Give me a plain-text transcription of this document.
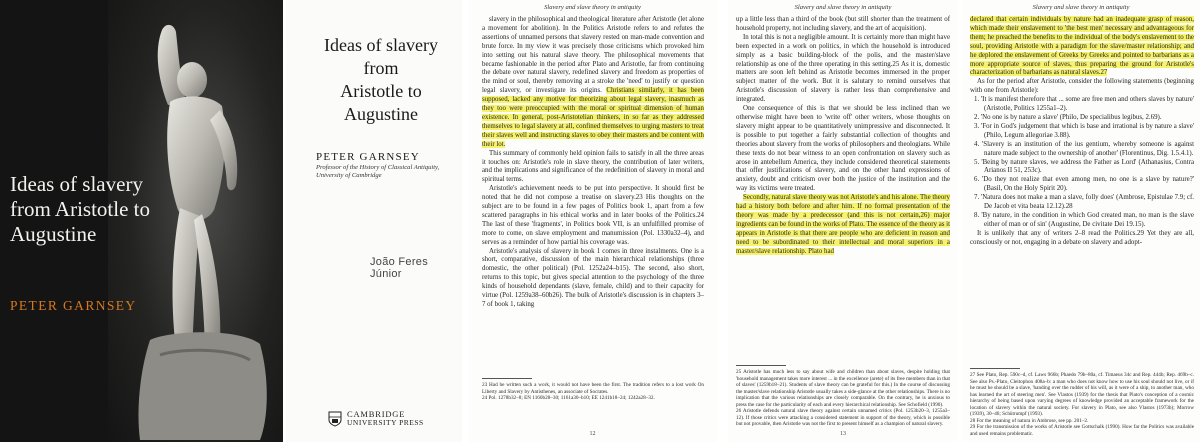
Ideas of slavery from Aristotle to Augustine
PETER GARNSEY
Ideas of slavery
from
Aristotle to Augustine
PETER GARNSEY
Professor of the History of Classical Antiquity, University of Cambridge
João Feres Júnior
CAMBRIDGE
UNIVERSITY PRESS
Slavery and slave theory in antiquity

slavery in the philosophical and theological literature after Aristotle (let alone a movement for abolition). In the Politics Aristotle refers to and refutes the assertions of unnamed persons that slavery rested on man-made convention and brute force. In my view it was precisely those criticisms which provoked him into setting out his natural slave theory. The philosophical movements that became fashionable in the period after Plato and Aristotle, far from continuing the debate over natural slavery, redefined slavery and freedom as properties of the mind or soul, thereby removing at a stroke the 'need' to justify or question legal slavery, or investigate its origins. Christians similarly, it has been supposed, lacked any motive for theorizing about legal slavery, inasmuch as they too were preoccupied with the moral or spiritual dimension of human existence. In general, post-Aristotelian thinkers, in so far as they addressed themselves to legal slavery at all, confined themselves to urging masters to treat their slaves well and instructing slaves to obey their masters and be content with their lot.

This summary of commonly held opinion fails to satisfy in all the three areas it touches on: Aristotle's role in slave theory, the contribution of later writers, and the implications and significance of the redefinition of slavery in moral and spiritual terms.

Aristotle's achievement needs to be put into perspective. It should first be noted that he did not compose a treatise on slavery.23 His thoughts on the subject are to be found in a few pages of Politics book 1, apart from a few scattered paragraphs in his ethical works and in later books of the Politics.24 The last of these 'fragments', in Politics book VII, is an unfulfilled promise of more to come, on slave employment and manumission (Pol. 1330a32–4), and serves as a reminder of how partial his coverage was.

Aristotle's analysis of slavery in book 1 comes in three instalments. One is a short, comparative, discussion of the main hierarchical relationships (three domestic, the other political) (Pol. 1252a24–b15). The second, also short, returns to this topic, but gives special attention to the psychology of the three kinds of household dependants (slave, female, child) and to their capacity for virtue (Pol. 1259a38–60b26). The bulk of Aristotle's discussion is in chapters 3–7 of book 1, taking

23 Had he written such a work, it would not have been the first. The tradition refers to a lost work On Liberty and Slavery by Antisthenes, an associate of Socrates.

24 Pol. 1278b32–8; EN 1160b28–30; 1161a30–b10; EE 1241b18–24; 1242a28–32.

12
Slavery and slave theory in antiquity

up a little less than a third of the book (but still shorter than the treatment of household property, not including slavery, and the art of acquisition).

In total this is not a negligible amount. It is certainly more than might have been expected in a work on politics, in which the household is introduced simply as a basic building-block of the polis, and the master/slave relationship as one of the three operating in this setting.25 As it is, domestic matters are soon left behind as Aristotle becomes immersed in the proper subject matter of the work. But it is salutary to remind ourselves that Aristotle's discussion of slavery is rather less than comprehensive and integrated.

One consequence of this is that we should be less inclined than we otherwise might have been to 'write off' other writers, whose thoughts on slavery might appear to be quantitatively unimpressive and disconnected. It is possible to put together a fairly substantial collection of thoughts and theories about slavery from the works of philosophers and theologians. While these texts do not bear witness to an open confrontation on slavery such as arose in antebellum America, they include considered theoretical statements that offer justifications of slavery, and on the other hand expressions of anxiety, doubt and criticism over both the justice of the institution and the way its victims were treated.

Secondly, natural slave theory was not Aristotle's and his alone. The theory had a history both before and after him. If no formal presentation of the theory was made by a predecessor (and this is not certain,26) major ingredients can be found in the works of Plato. The essence of the theory as it appears in Aristotle is that there are people who are deficient in reason and need to be subordinated to their intellectual and moral superiors in a master/slave relationship. Plato had

25 Aristotle has much less to say about wife and children than about slaves, despite holding that 'household management takes more interest ... in the excellence (arete) of its free members than in that of slaves' (1259b18–21). Students of slave theory can be grateful for this.) In the course of discussing the master/slave relationship Aristotle usually takes a side-glance at the other relationships. There is no implication that the various relationships are closely comparable. On the contrary, he is anxious to press the case for the particularity of each and every hierarchical relationship. See Schofield (1990).

26 Aristotle defends natural slave theory against certain unnamed critics (Pol. 1253b20–3, 1255a3–12). If those critics were attacking a considered statement in support of the theory, which is possible but not provable, then Aristotle was not the first to present himself as a champion of natural slavery.

13
Slavery and slave theory in antiquity

declared that certain individuals by nature had an inadequate grasp of reason, which made their enslavement to 'the best men' necessary and advantageous for them; he preached the benefits to the individual of the body's enslavement to the soul, providing Aristotle with a paradigm for the slave/master relationship; and he deplored the enslavement of Greeks by Greeks and pointed to barbarians as a more appropriate source of slaves, thus preparing the ground for Aristotle's characterization of barbarians as natural slaves.27

As for the period after Aristotle, consider the following statements (beginning with one from Aristotle):

1. 'It is manifest therefore that ... some are free men and others slaves by nature' (Aristotle, Politics 1255a1–2).
2. 'No one is by nature a slave' (Philo, De specialibus legibus, 2.69).
3. 'For in God's judgement that which is base and irrational is by nature a slave' (Philo, Legum allegoriae 3.88).
4. 'Slavery is an institution of the ius gentium, whereby someone is against nature made subject to the ownership of another' (Florentinus, Dig. 1.5.4.1).
5. 'Being by nature slaves, we address the Father as Lord' (Athanasius, Contra Arianos II 51, 253c).
6. 'Do they not realize that even among men, no one is a slave by nature?' (Basil, On the Holy Spirit 20).
7. 'Natura does not make a man a slave, folly does' (Ambrose, Epistulae 7.9; cf. De Jacob et vita beata 12.12).28
8. 'By nature, in the condition in which God created man, no man is the slave either of man or of sin' (Augustine, De civitate Dei 19.15).

It is unlikely that any of writers 2–8 read the Politics.29 Yet they are all, consciously or not, engaging in a debate on slavery and adopt-

27 See Plato, Rep. 590c–d, cf. Laws 966b; Phaedo 79b–80a, cf. Timaeus 34c and Rep. 444b; Rep. 469b–c. See also Ps.-Plato, Cleitophon 408a–b: a man who does not know how to use his soul should not live, or if he must he should be a slave, 'handing over the rudder of his will, as it were of a ship, to another man, who has learned the art of steering men'. See Vlastos (1939) for the thesis that Plato's conception of a cosmic hierarchy of being based upon varying degrees of knowledge provided an acceptable framework for the location of slavery within the natural society. For slavery in Plato, see also Vlastos (1973b); Morrow (1939), 30–46; Schütrumpf (1993).

28 For the meaning of natura in Ambrose, see pp. 201–2.

29 For the transmission of the works of Aristotle see Gottschalk (1990). How far the Politics was available and used remains problematic.
